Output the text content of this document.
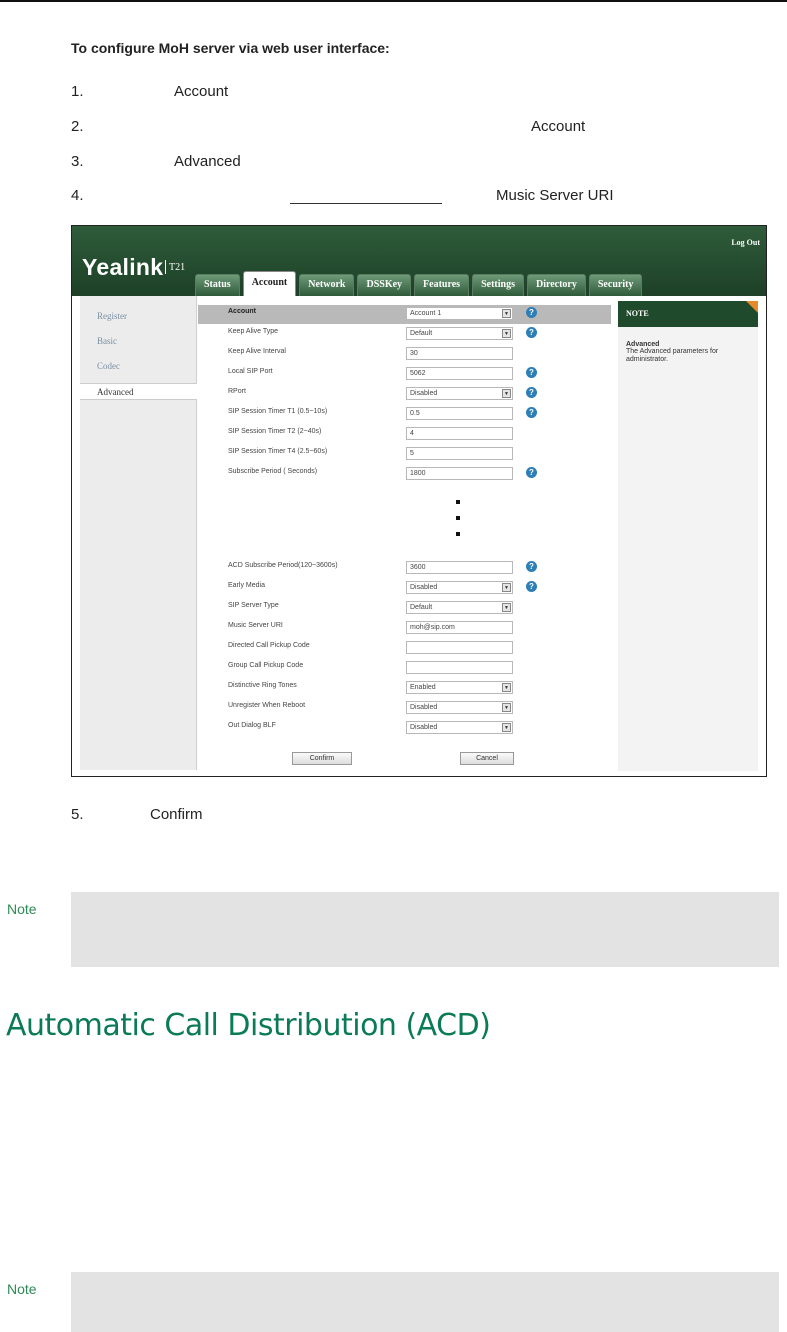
To configure MoH server via web user interface:
1.	Account
2.	Account
3.	Advanced
4.	Music Server URI
Yealink T21
Log Out
Status	Account	Network	DSSKey	Features	Settings	Directory	Security
Register
Basic
Codec
Advanced
Account	Account 1	▼	?
Keep Alive Type	Default	▼	?
Keep Alive Interval	30
Local SIP Port	5062	?
RPort	Disabled	▼	?
SIP Session Timer T1 (0.5~10s)	0.5	?
SIP Session Timer T2 (2~40s)	4
SIP Session Timer T4 (2.5~60s)	5
Subscribe Period ( Seconds)	1800	?
ACD Subscribe Period(120~3600s)	3600	?
Early Media	Disabled	▼	?
SIP Server Type	Default	▼
Music Server URI	moh@sip.com
Directed Call Pickup Code
Group Call Pickup Code
Distinctive Ring Tones	Enabled	▼
Unregister When Reboot	Disabled	▼
Out Dialog BLF	Disabled	▼
Confirm	Cancel
NOTE
Advanced
The Advanced parameters for administrator.
5.	Confirm
Note
Automatic Call Distribution (ACD)
Note
